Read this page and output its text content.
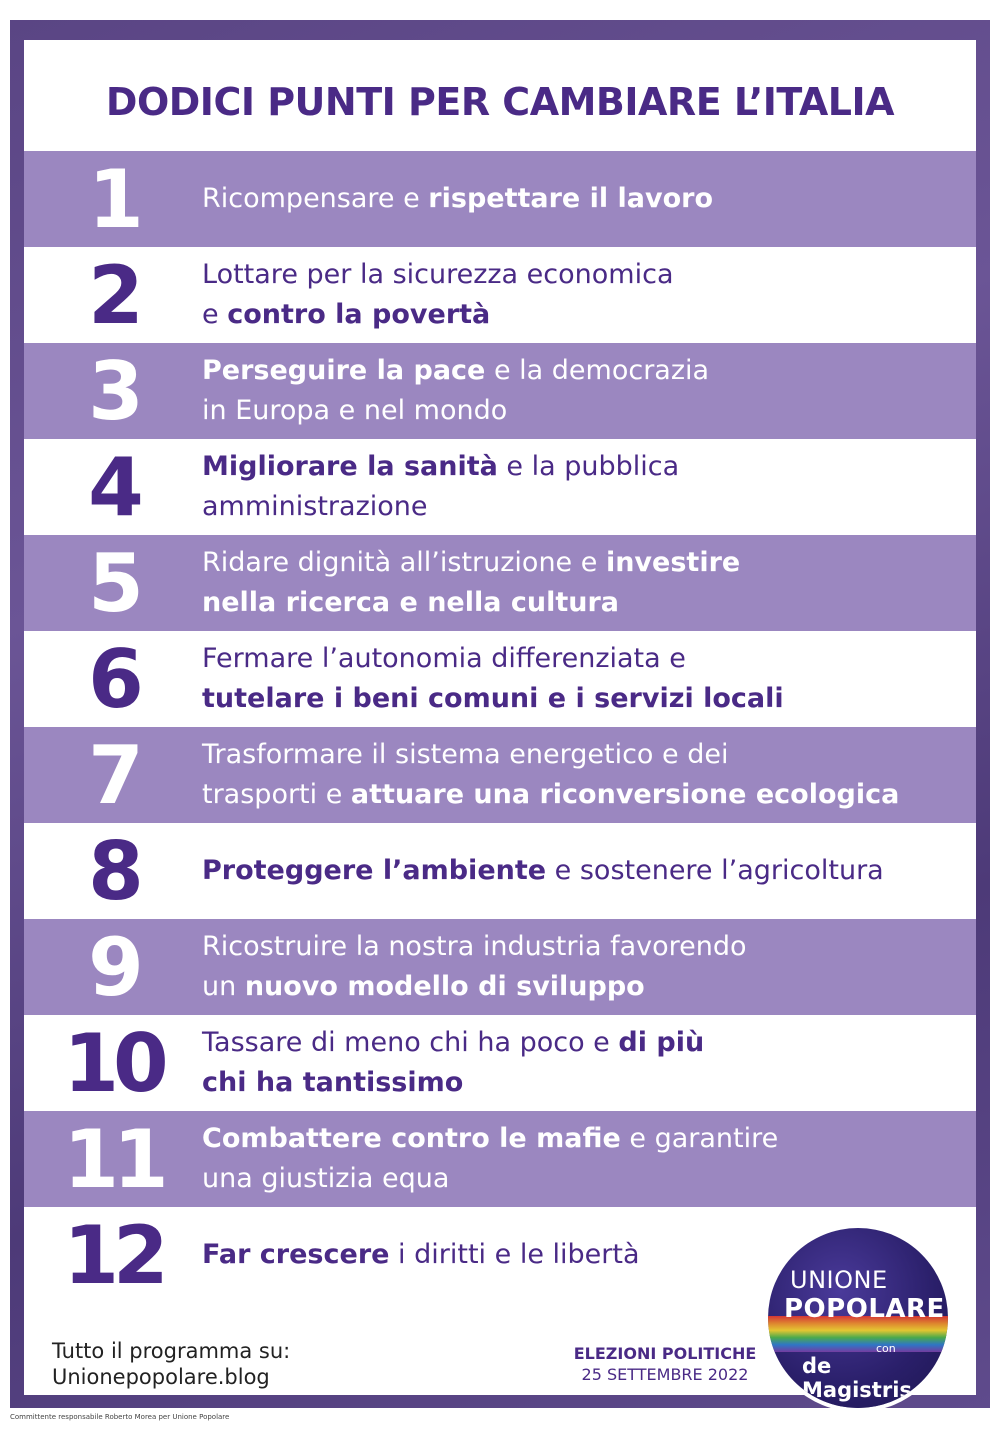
DODICI PUNTI PER CAMBIARE L’ITALIA
1	Ricompensare e rispettare il lavoro
2	Lottare per la sicurezza economica
e contro la povertà
3	Perseguire la pace e la democrazia
in Europa e nel mondo
4	Migliorare la sanità e la pubblica
amministrazione
5	Ridare dignità all’istruzione e investire
nella ricerca e nella cultura
6	Fermare l’autonomia differenziata e
tutelare i beni comuni e i servizi locali
7	Trasformare il sistema energetico e dei
trasporti e attuare una riconversione ecologica
8	Proteggere l’ambiente e sostenere l’agricoltura
9	Ricostruire la nostra industria favorendo
un nuovo modello di sviluppo
10	Tassare di meno chi ha poco e di più
chi ha tantissimo
11	Combattere contro le mafie e garantire
una giustizia equa
12	Far crescere i diritti e le libertà
Tutto il programma su:
Unionepopolare.blog
ELEZIONI POLITICHE
25 SETTEMBRE 2022
UNIONE
POPOLARE
con
de Magistris
Committente responsabile Roberto Morea per Unione Popolare
